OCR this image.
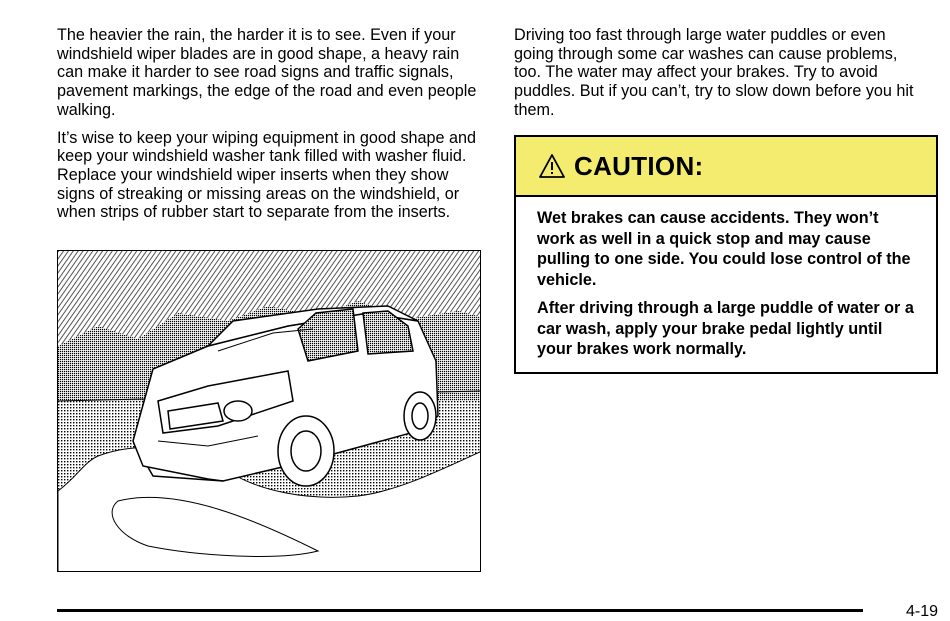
The heavier the rain, the harder it is to see. Even if your windshield wiper blades are in good shape, a heavy rain can make it harder to see road signs and traffic signals, pavement markings, the edge of the road and even people walking.

It’s wise to keep your wiping equipment in good shape and keep your windshield washer tank filled with washer fluid. Replace your windshield wiper inserts when they show signs of streaking or missing areas on the windshield, or when strips of rubber start to separate from the inserts.

Driving too fast through large water puddles or even going through some car washes can cause problems, too. The water may affect your brakes. Try to avoid puddles. But if you can’t, try to slow down before you hit them.

CAUTION:

Wet brakes can cause accidents. They won’t work as well in a quick stop and may cause pulling to one side. You could lose control of the vehicle.

After driving through a large puddle of water or a car wash, apply your brake pedal lightly until your brakes work normally.

4-19
